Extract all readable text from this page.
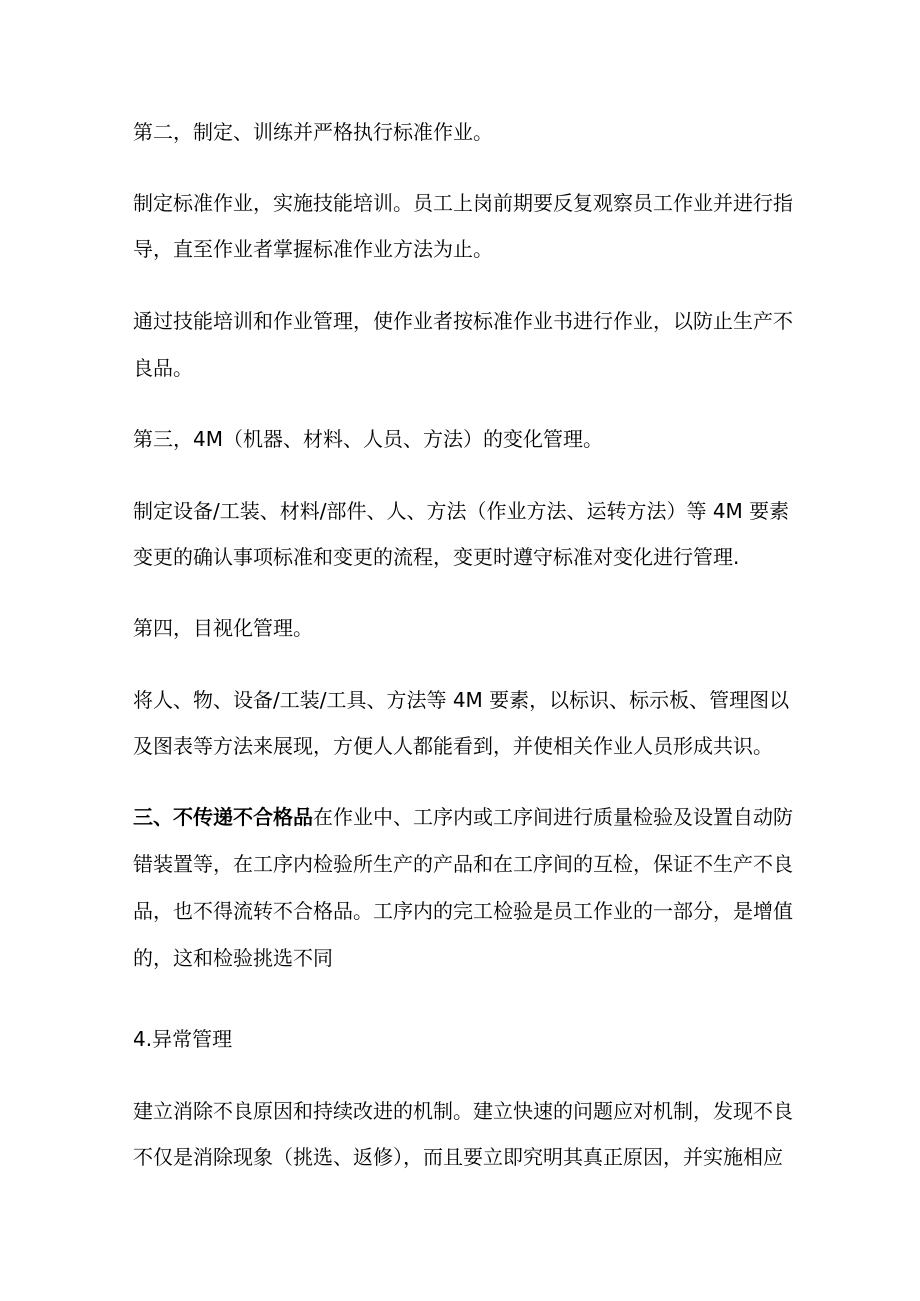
第二，制定、训练并严格执行标准作业。
制定标准作业，实施技能培训。员工上岗前期要反复观察员工作业并进行指
导，直至作业者掌握标准作业方法为止。
通过技能培训和作业管理，使作业者按标准作业书进行作业，以防止生产不
良品。
第三，4M（机器、材料、人员、方法）的变化管理。
制定设备/工装、材料/部件、人、方法（作业方法、运转方法）等 4M 要素
变更的确认事项标准和变更的流程，变更时遵守标准对变化进行管理.
第四，目视化管理。
将人、物、设备/工装/工具、方法等 4M 要素，以标识、标示板、管理图以
及图表等方法来展现，方便人人都能看到，并使相关作业人员形成共识。
三、不传递不合格品在作业中、工序内或工序间进行质量检验及设置自动防
错装置等，在工序内检验所生产的产品和在工序间的互检，保证不生产不良
品，也不得流转不合格品。工序内的完工检验是员工作业的一部分，是增值
的，这和检验挑选不同
4.异常管理
建立消除不良原因和持续改进的机制。建立快速的问题应对机制，发现不良
不仅是消除现象（挑选、返修），而且要立即究明其真正原因，并实施相应
